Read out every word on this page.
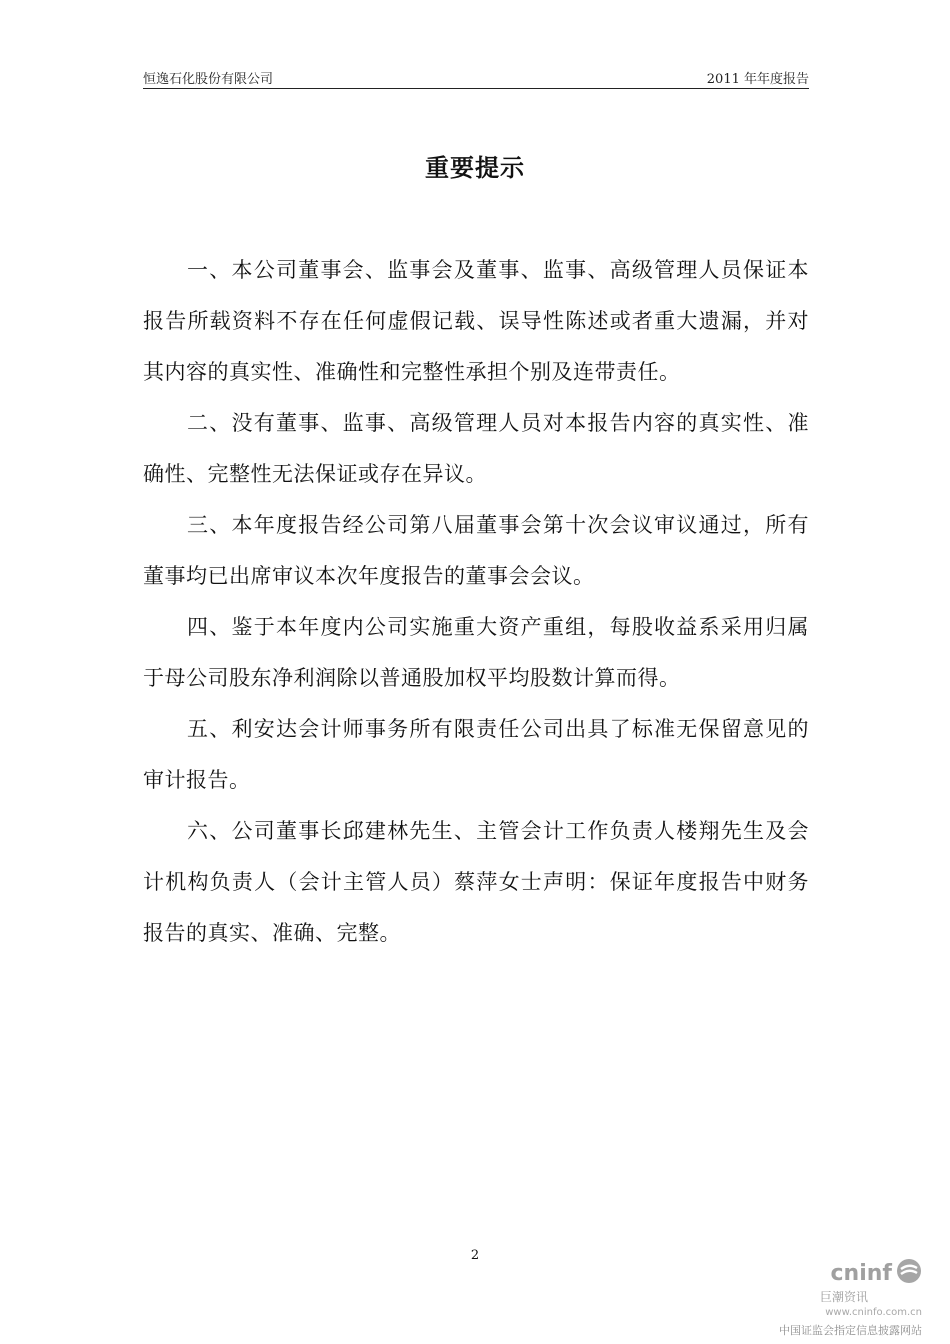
恒逸石化股份有限公司	2011 年年度报告
重要提示

一、本公司董事会、监事会及董事、监事、高级管理人员保证本报告所载资料不存在任何虚假记载、误导性陈述或者重大遗漏，并对其内容的真实性、准确性和完整性承担个别及连带责任。

二、没有董事、监事、高级管理人员对本报告内容的真实性、准确性、完整性无法保证或存在异议。

三、本年度报告经公司第八届董事会第十次会议审议通过，所有董事均已出席审议本次年度报告的董事会会议。

四、鉴于本年度内公司实施重大资产重组，每股收益系采用归属于母公司股东净利润除以普通股加权平均股数计算而得。

五、利安达会计师事务所有限责任公司出具了标准无保留意见的审计报告。

六、公司董事长邱建林先生、主管会计工作负责人楼翔先生及会计机构负责人（会计主管人员）蔡萍女士声明：保证年度报告中财务报告的真实、准确、完整。

2
cninf
巨潮资讯
www.cninfo.com.cn
中国证监会指定信息披露网站
